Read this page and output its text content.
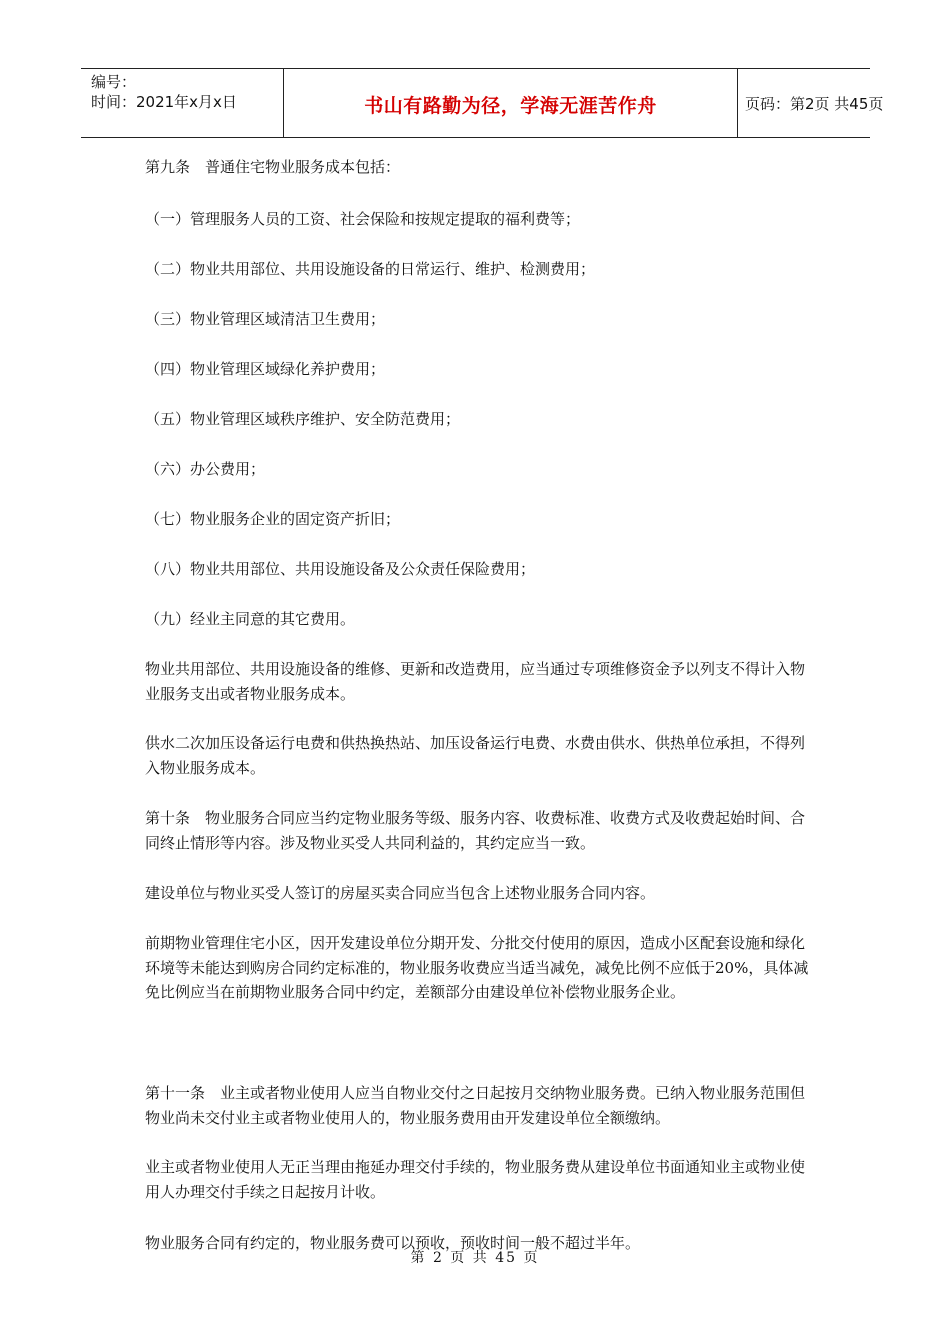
编号：
时间：2021年x月x日	书山有路勤为径，学海无涯苦作舟	页码：第2页 共45页

第九条　普通住宅物业服务成本包括：

（一）管理服务人员的工资、社会保险和按规定提取的福利费等；

（二）物业共用部位、共用设施设备的日常运行、维护、检测费用；

（三）物业管理区域清洁卫生费用；

（四）物业管理区域绿化养护费用；

（五）物业管理区域秩序维护、安全防范费用；

（六）办公费用；

（七）物业服务企业的固定资产折旧；

（八）物业共用部位、共用设施设备及公众责任保险费用；

（九）经业主同意的其它费用。

物业共用部位、共用设施设备的维修、更新和改造费用，应当通过专项维修资金予以列支不得计入物业服务支出或者物业服务成本。

供水二次加压设备运行电费和供热换热站、加压设备运行电费、水费由供水、供热单位承担，不得列入物业服务成本。

第十条　物业服务合同应当约定物业服务等级、服务内容、收费标准、收费方式及收费起始时间、合同终止情形等内容。涉及物业买受人共同利益的，其约定应当一致。

建设单位与物业买受人签订的房屋买卖合同应当包含上述物业服务合同内容。

前期物业管理住宅小区，因开发建设单位分期开发、分批交付使用的原因，造成小区配套设施和绿化环境等未能达到购房合同约定标准的，物业服务收费应当适当减免，减免比例不应低于20%，具体减免比例应当在前期物业服务合同中约定，差额部分由建设单位补偿物业服务企业。

第十一条　业主或者物业使用人应当自物业交付之日起按月交纳物业服务费。已纳入物业服务范围但物业尚未交付业主或者物业使用人的，物业服务费用由开发建设单位全额缴纳。

业主或者物业使用人无正当理由拖延办理交付手续的，物业服务费从建设单位书面通知业主或物业使用人办理交付手续之日起按月计收。

物业服务合同有约定的，物业服务费可以预收，预收时间一般不超过半年。

第 2 页 共 45 页
